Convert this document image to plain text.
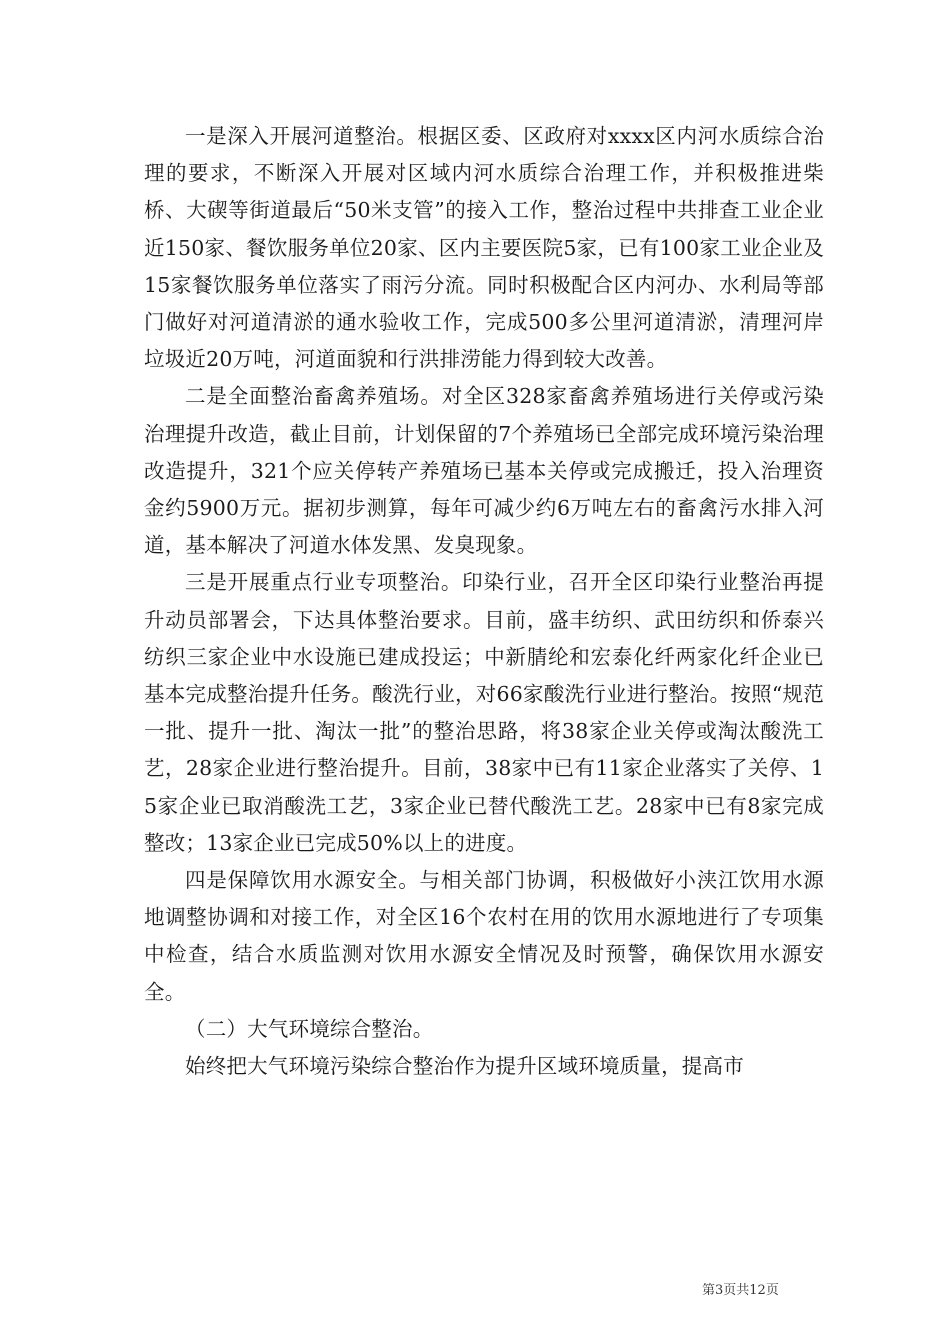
一是深入开展河道整治。根据区委、区政府对xxxx区内河水质综合治理的要求，不断深入开展对区域内河水质综合治理工作，并积极推进柴桥、大碶等街道最后“50米支管”的接入工作，整治过程中共排查工业企业近150家、餐饮服务单位20家、区内主要医院5家，已有100家工业企业及15家餐饮服务单位落实了雨污分流。同时积极配合区内河办、水利局等部门做好对河道清淤的通水验收工作，完成500多公里河道清淤，清理河岸垃圾近20万吨，河道面貌和行洪排涝能力得到较大改善。

二是全面整治畜禽养殖场。对全区328家畜禽养殖场进行关停或污染治理提升改造，截止目前，计划保留的7个养殖场已全部完成环境污染治理改造提升，321个应关停转产养殖场已基本关停或完成搬迁，投入治理资金约5900万元。据初步测算，每年可减少约6万吨左右的畜禽污水排入河道，基本解决了河道水体发黑、发臭现象。

三是开展重点行业专项整治。印染行业，召开全区印染行业整治再提升动员部署会，下达具体整治要求。目前，盛丰纺织、武田纺织和侨泰兴纺织三家企业中水设施已建成投运；中新腈纶和宏泰化纤两家化纤企业已基本完成整治提升任务。酸洗行业，对66家酸洗行业进行整治。按照“规范一批、提升一批、淘汰一批”的整治思路，将38家企业关停或淘汰酸洗工艺，28家企业进行整治提升。目前，38家中已有11家企业落实了关停、15家企业已取消酸洗工艺，3家企业已替代酸洗工艺。28家中已有8家完成整改；13家企业已完成50%以上的进度。

四是保障饮用水源安全。与相关部门协调，积极做好小浃江饮用水源地调整协调和对接工作，对全区16个农村在用的饮用水源地进行了专项集中检查，结合水质监测对饮用水源安全情况及时预警，确保饮用水源安全。

（二）大气环境综合整治。

始终把大气环境污染综合整治作为提升区域环境质量，提高市

第3页共12页
